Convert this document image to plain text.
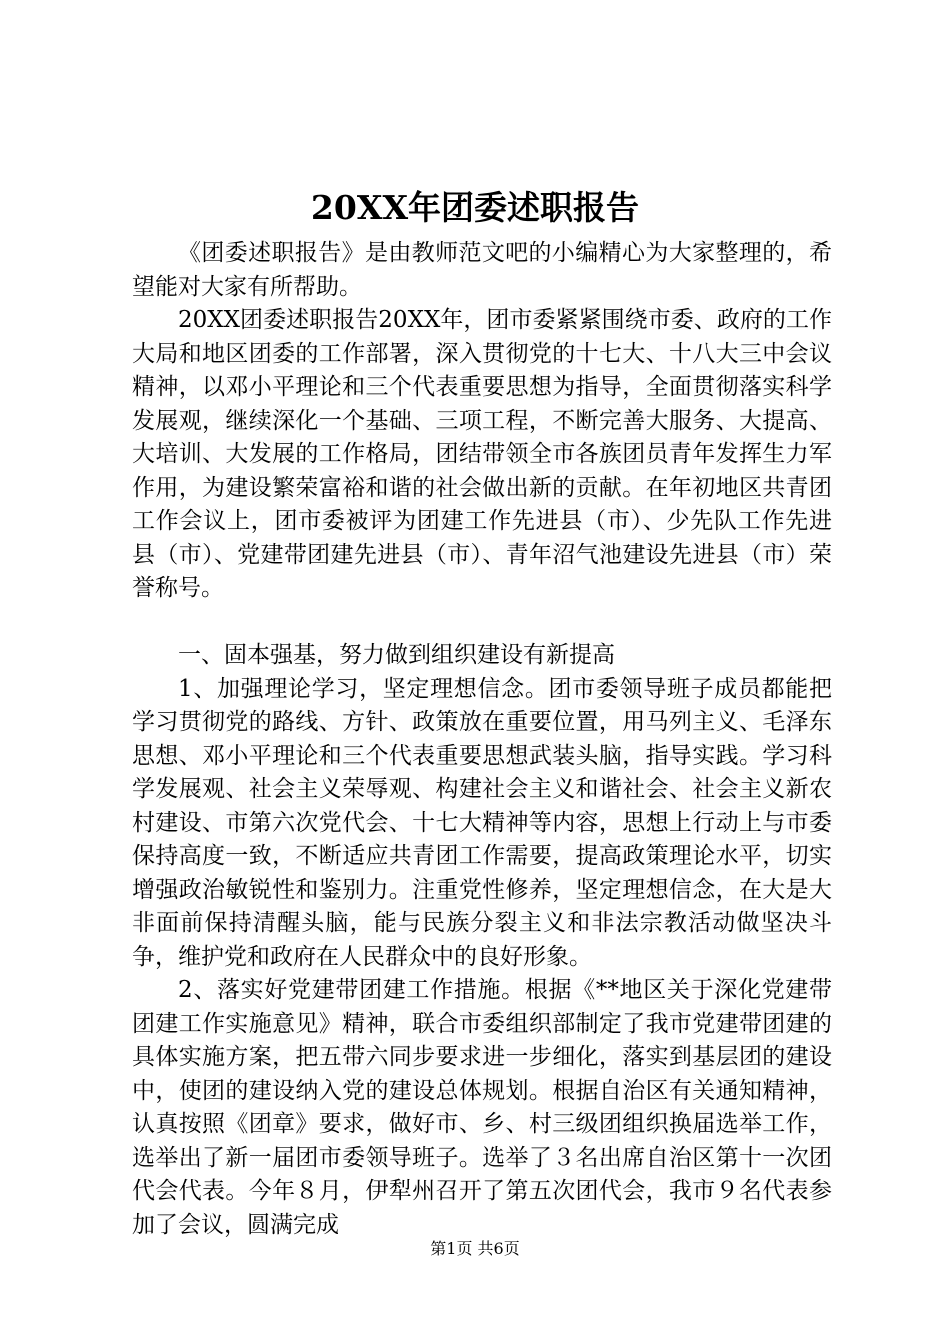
20XX年团委述职报告

《团委述职报告》是由教师范文吧的小编精心为大家整理的，希望能对大家有所帮助。

20XX团委述职报告20XX年，团市委紧紧围绕市委、政府的工作大局和地区团委的工作部署，深入贯彻党的十七大、十八大三中会议精神，以邓小平理论和三个代表重要思想为指导，全面贯彻落实科学发展观，继续深化一个基础、三项工程，不断完善大服务、大提高、大培训、大发展的工作格局，团结带领全市各族团员青年发挥生力军作用，为建设繁荣富裕和谐的社会做出新的贡献。在年初地区共青团工作会议上，团市委被评为团建工作先进县（市）、少先队工作先进县（市）、党建带团建先进县（市）、青年沼气池建设先进县（市）荣誉称号。

一、固本强基，努力做到组织建设有新提高

1、加强理论学习，坚定理想信念。团市委领导班子成员都能把学习贯彻党的路线、方针、政策放在重要位置，用马列主义、毛泽东思想、邓小平理论和三个代表重要思想武装头脑，指导实践。学习科学发展观、社会主义荣辱观、构建社会主义和谐社会、社会主义新农村建设、市第六次党代会、十七大精神等内容，思想上行动上与市委保持高度一致，不断适应共青团工作需要，提高政策理论水平，切实增强政治敏锐性和鉴别力。注重党性修养，坚定理想信念，在大是大非面前保持清醒头脑，能与民族分裂主义和非法宗教活动做坚决斗争，维护党和政府在人民群众中的良好形象。

2、落实好党建带团建工作措施。根据《**地区关于深化党建带团建工作实施意见》精神，联合市委组织部制定了我市党建带团建的具体实施方案，把五带六同步要求进一步细化，落实到基层团的建设中，使团的建设纳入党的建设总体规划。根据自治区有关通知精神，认真按照《团章》要求，做好市、乡、村三级团组织换届选举工作，选举出了新一届团市委领导班子。选举了３名出席自治区第十一次团代会代表。今年８月，伊犁州召开了第五次团代会，我市９名代表参加了会议，圆满完成

第1页 共6页
